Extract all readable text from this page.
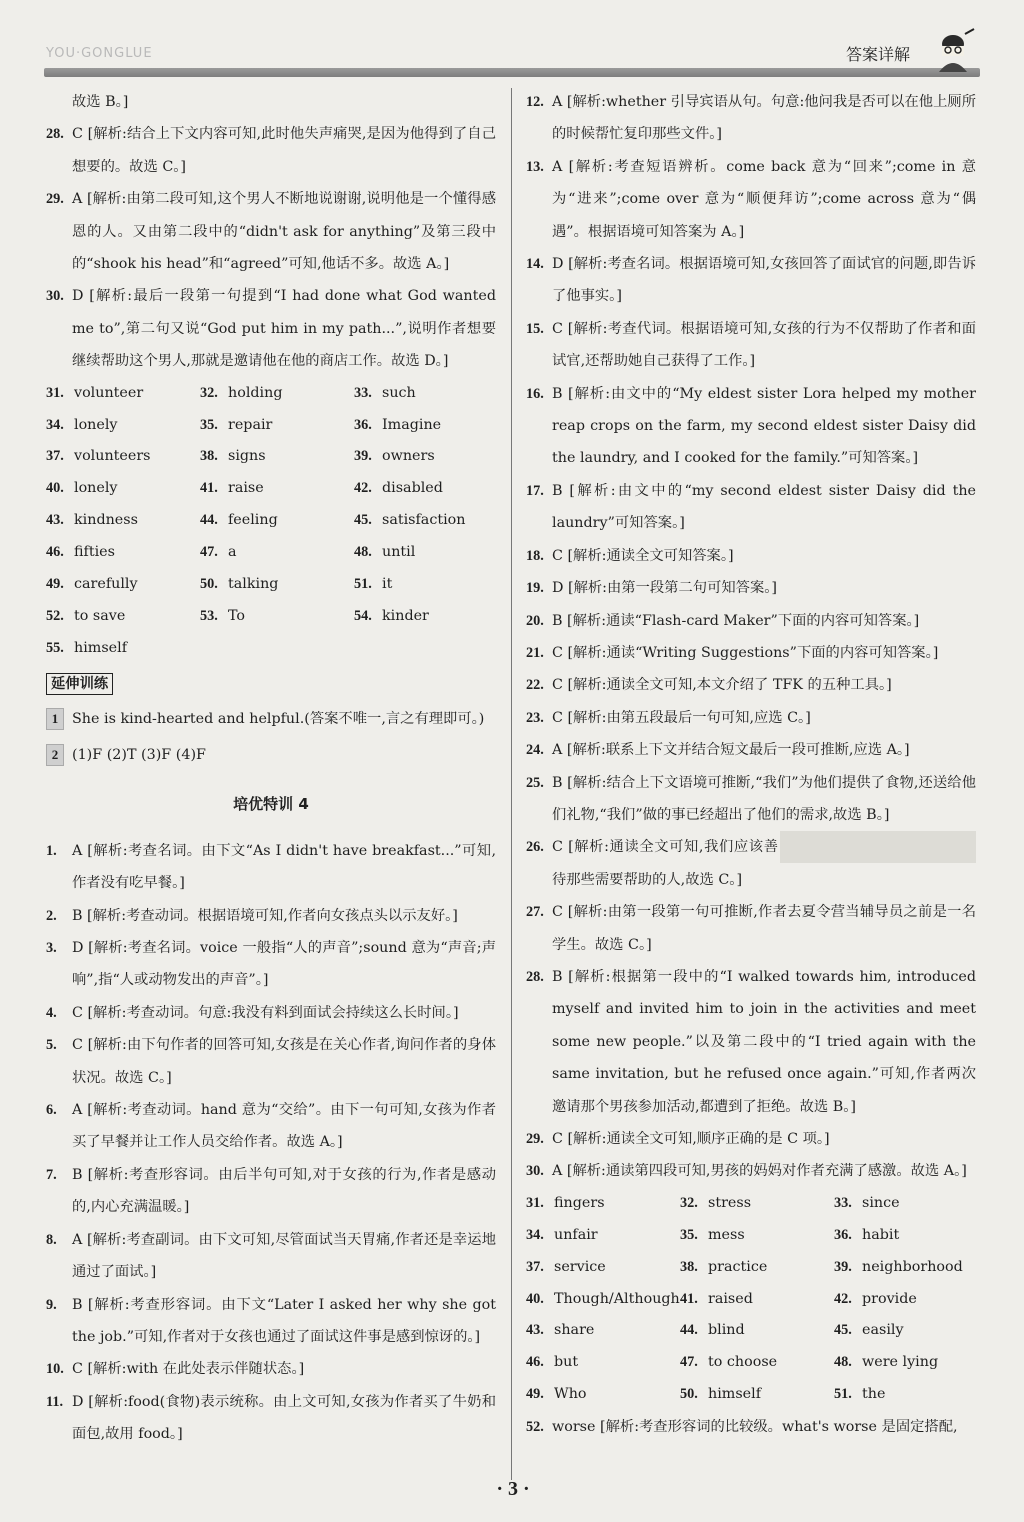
YOU·GONGLUE	答案详解
故选 B。]
28. C [解析:结合上下文内容可知,此时他失声痛哭,是因为他得到了自己想要的。故选 C。]
29. A [解析:由第二段可知,这个男人不断地说谢谢,说明他是一个懂得感恩的人。又由第二段中的“didn't ask for anything”及第三段中的“shook his head”和“agreed”可知,他话不多。故选 A。]
30. D [解析:最后一段第一句提到“I had done what God wanted me to”,第二句又说“God put him in my path...”,说明作者想要继续帮助这个男人,那就是邀请他在他的商店工作。故选 D。]
31. volunteer	32. holding	33. such
34. lonely	35. repair	36. Imagine
37. volunteers	38. signs	39. owners
40. lonely	41. raise	42. disabled
43. kindness	44. feeling	45. satisfaction
46. fifties	47. a	48. until
49. carefully	50. talking	51. it
52. to save	53. To	54. kinder
55. himself
延伸训练
1 She is kind-hearted and helpful.(答案不唯一,言之有理即可。)
2 (1)F (2)T (3)F (4)F
培优特训 4
1.	A [解析:考查名词。由下文“As I didn't have breakfast...”可知,作者没有吃早餐。]
2.	B [解析:考查动词。根据语境可知,作者向女孩点头以示友好。]
3.	D [解析:考查名词。voice 一般指“人的声音”;sound 意为“声音;声响”,指“人或动物发出的声音”。]
4.	C [解析:考查动词。句意:我没有料到面试会持续这么长时间。]
5.	C [解析:由下句作者的回答可知,女孩是在关心作者,询问作者的身体状况。故选 C。]
6.	A [解析:考查动词。hand 意为“交给”。由下一句可知,女孩为作者买了早餐并让工作人员交给作者。故选 A。]
7.	B [解析:考查形容词。由后半句可知,对于女孩的行为,作者是感动的,内心充满温暖。]
8.	A [解析:考查副词。由下文可知,尽管面试当天胃痛,作者还是幸运地通过了面试。]
9.	B [解析:考查形容词。由下文“Later I asked her why she got the job.”可知,作者对于女孩也通过了面试这件事是感到惊讶的。]
10. C [解析:with 在此处表示伴随状态。]
11. D [解析:food(食物)表示统称。由上文可知,女孩为作者买了牛奶和面包,故用 food。]
12. A [解析:whether 引导宾语从句。句意:他问我是否可以在他上厕所的时候帮忙复印那些文件。]
13. A [解析:考查短语辨析。come back 意为“回来”;come in 意为“进来”;come over 意为“顺便拜访”;come across 意为“偶遇”。根据语境可知答案为 A。]
14. D [解析:考查名词。根据语境可知,女孩回答了面试官的问题,即告诉了他事实。]
15. C [解析:考查代词。根据语境可知,女孩的行为不仅帮助了作者和面试官,还帮助她自己获得了工作。]
16. B [解析:由文中的“My eldest sister Lora helped my mother reap crops on the farm, my second eldest sister Daisy did the laundry, and I cooked for the family.”可知答案。]
17. B [解析:由文中的“my second eldest sister Daisy did the laundry”可知答案。]
18. C [解析:通读全文可知答案。]
19. D [解析:由第一段第二句可知答案。]
20. B [解析:通读“Flash-card Maker”下面的内容可知答案。]
21. C [解析:通读“Writing Suggestions”下面的内容可知答案。]
22. C [解析:通读全文可知,本文介绍了 TFK 的五种工具。]
23. C [解析:由第五段最后一句可知,应选 C。]
24. A [解析:联系上下文并结合短文最后一段可推断,应选 A。]
25. B [解析:结合上下文语境可推断,“我们”为他们提供了食物,还送给他们礼物,“我们”做的事已经超出了他们的需求,故选 B。]
26. C [解析:通读全文可知,我们应该善待那些需要帮助的人,故选 C。]
27. C [解析:由第一段第一句可推断,作者去夏令营当辅导员之前是一名学生。故选 C。]
28. B [解析:根据第一段中的“I walked towards him, introduced myself and invited him to join in the activities and meet some new people.”以及第二段中的“I tried again with the same invitation, but he refused once again.”可知,作者两次邀请那个男孩参加活动,都遭到了拒绝。故选 B。]
29. C [解析:通读全文可知,顺序正确的是 C 项。]
30. A [解析:通读第四段可知,男孩的妈妈对作者充满了感激。故选 A。]
31. fingers	32. stress	33. since
34. unfair	35. mess	36. habit
37. service	38. practice	39. neighborhood
40. Though/Although 41. raised	42. provide
43. share	44. blind	45. easily
46. but	47. to choose	48. were lying
49. Who	50. himself	51. the
52. worse [解析:考查形容词的比较级。what's worse 是固定搭配,
· 3 ·
